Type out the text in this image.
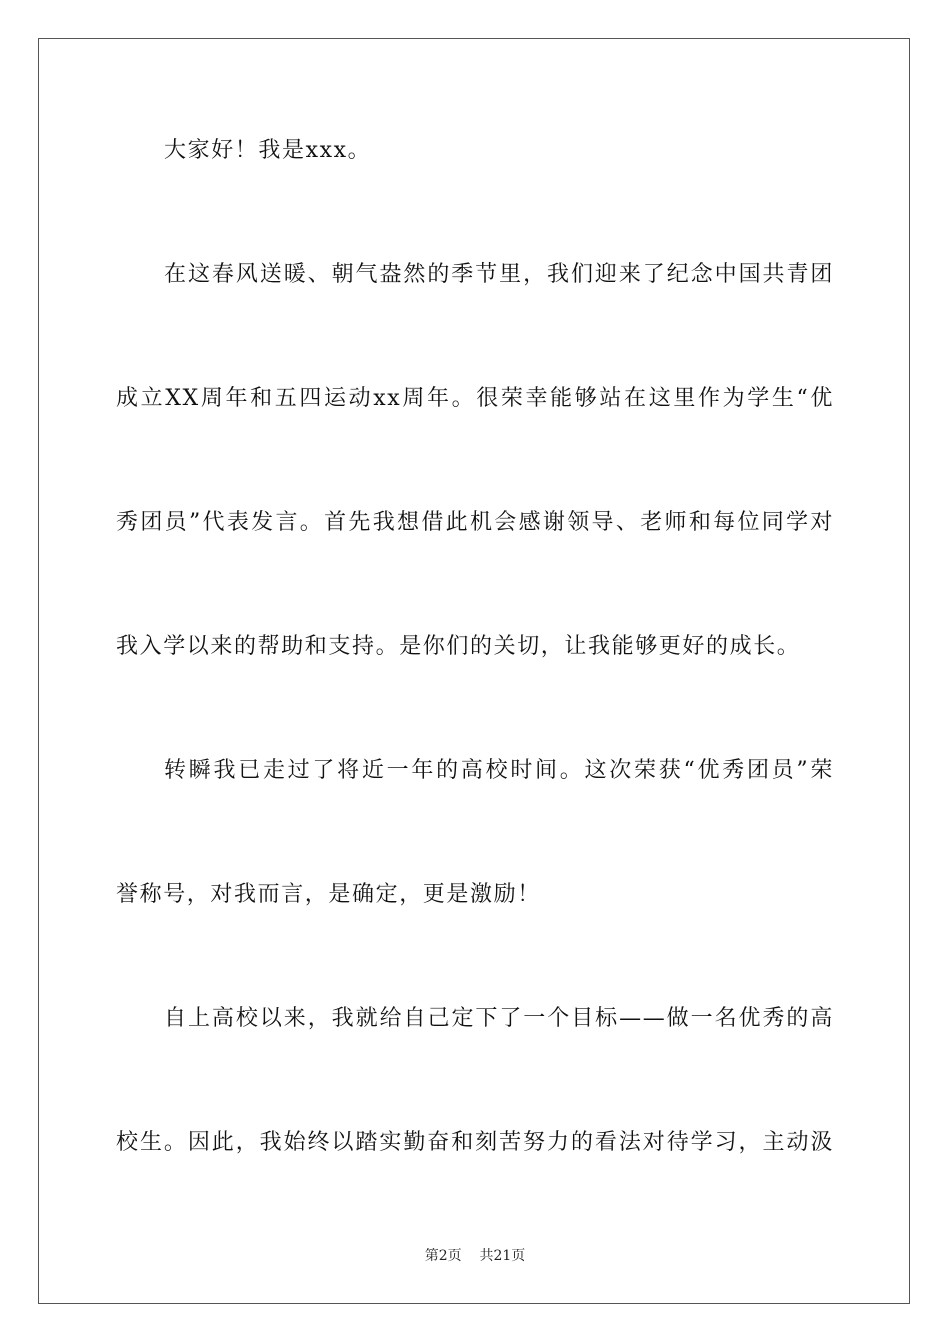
大家好！我是xxx。
在这春风送暖、朝气盎然的季节里，我们迎来了纪念中国共青团
成立XX周年和五四运动xx周年。很荣幸能够站在这里作为学生“优
秀团员”代表发言。首先我想借此机会感谢领导、老师和每位同学对
我入学以来的帮助和支持。是你们的关切，让我能够更好的成长。
转瞬我已走过了将近一年的高校时间。这次荣获“优秀团员”荣
誉称号，对我而言，是确定，更是激励！
自上高校以来，我就给自己定下了一个目标——做一名优秀的高
校生。因此，我始终以踏实勤奋和刻苦努力的看法对待学习，主动汲
第2页 共21页
